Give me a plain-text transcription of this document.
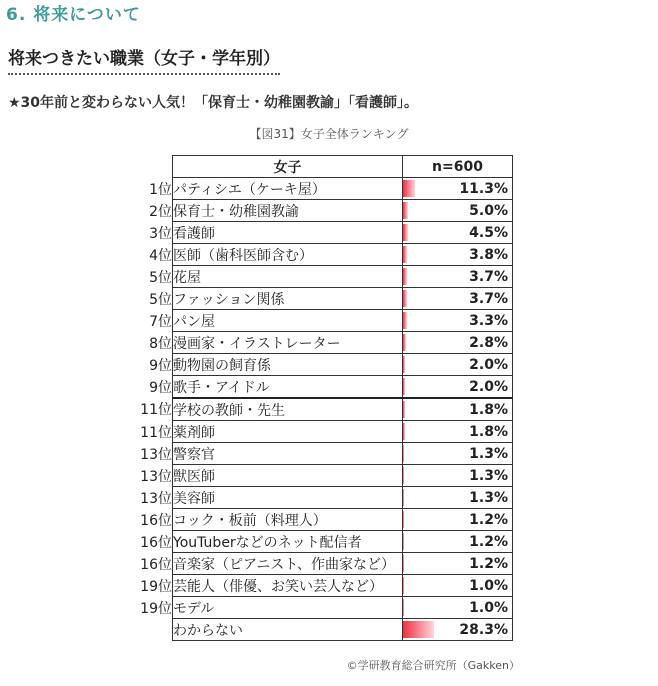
6. 将来について
将来つきたい職業（女子・学年別）
★30年前と変わらない人気！「保育士・幼稚園教諭」「看護師」。
【図31】女子全体ランキング
	女子	n=600
1位	パティシエ（ケーキ屋）	11.3%

2位	保育士・幼稚園教諭	5.0%

3位	看護師	4.5%

4位	医師（歯科医師含む）	3.8%

5位	花屋	3.7%

5位	ファッション関係	3.7%

7位	パン屋	3.3%

8位	漫画家・イラストレーター	2.8%

9位	動物園の飼育係	2.0%

9位	歌手・アイドル	2.0%

11位	学校の教師・先生	1.8%

11位	薬剤師	1.8%

13位	警察官	1.3%

13位	獣医師	1.3%

13位	美容師	1.3%

16位	コック・板前（料理人）	1.2%

16位	YouTuberなどのネット配信者	1.2%

16位	音楽家（ピアニスト、作曲家など）	1.2%

19位	芸能人（俳優、お笑い芸人など）	1.0%

19位	モデル	1.0%

	わからない	28.3%
©学研教育総合研究所（Gakken）
